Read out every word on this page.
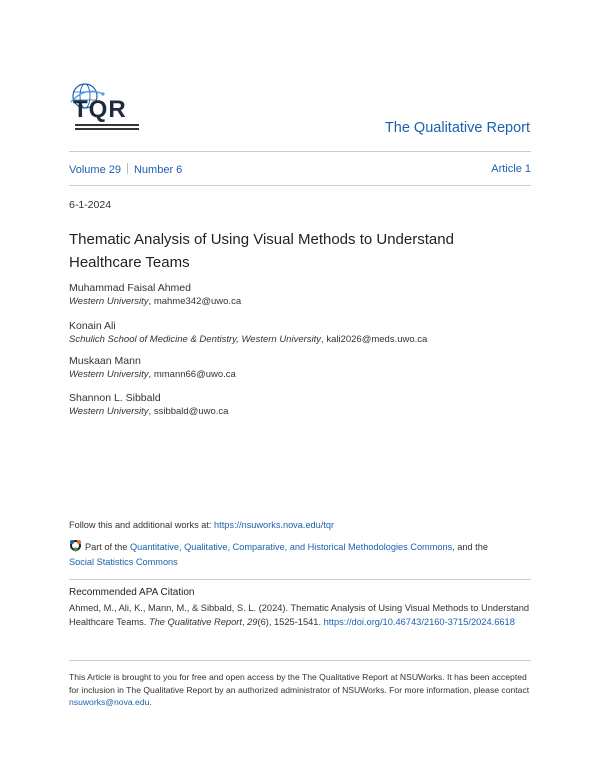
TQR
The Qualitative Report
Volume 29 Number 6	Article 1
6-1-2024
Thematic Analysis of Using Visual Methods to Understand Healthcare Teams
Muhammad Faisal Ahmed
Western University, mahme342@uwo.ca
Konain Ali
Schulich School of Medicine & Dentistry, Western University, kali2026@meds.uwo.ca
Muskaan Mann
Western University, mmann66@uwo.ca
Shannon L. Sibbald
Western University, ssibbald@uwo.ca
Follow this and additional works at: https://nsuworks.nova.edu/tqr
Part of the Quantitative, Qualitative, Comparative, and Historical Methodologies Commons, and the
Social Statistics Commons
Recommended APA Citation
Ahmed, M., Ali, K., Mann, M., & Sibbald, S. L. (2024). Thematic Analysis of Using Visual Methods to Understand Healthcare Teams. The Qualitative Report, 29(6), 1525-1541. https://doi.org/10.46743/2160-3715/2024.6618
This Article is brought to you for free and open access by the The Qualitative Report at NSUWorks. It has been accepted for inclusion in The Qualitative Report by an authorized administrator of NSUWorks. For more information, please contact nsuworks@nova.edu.
